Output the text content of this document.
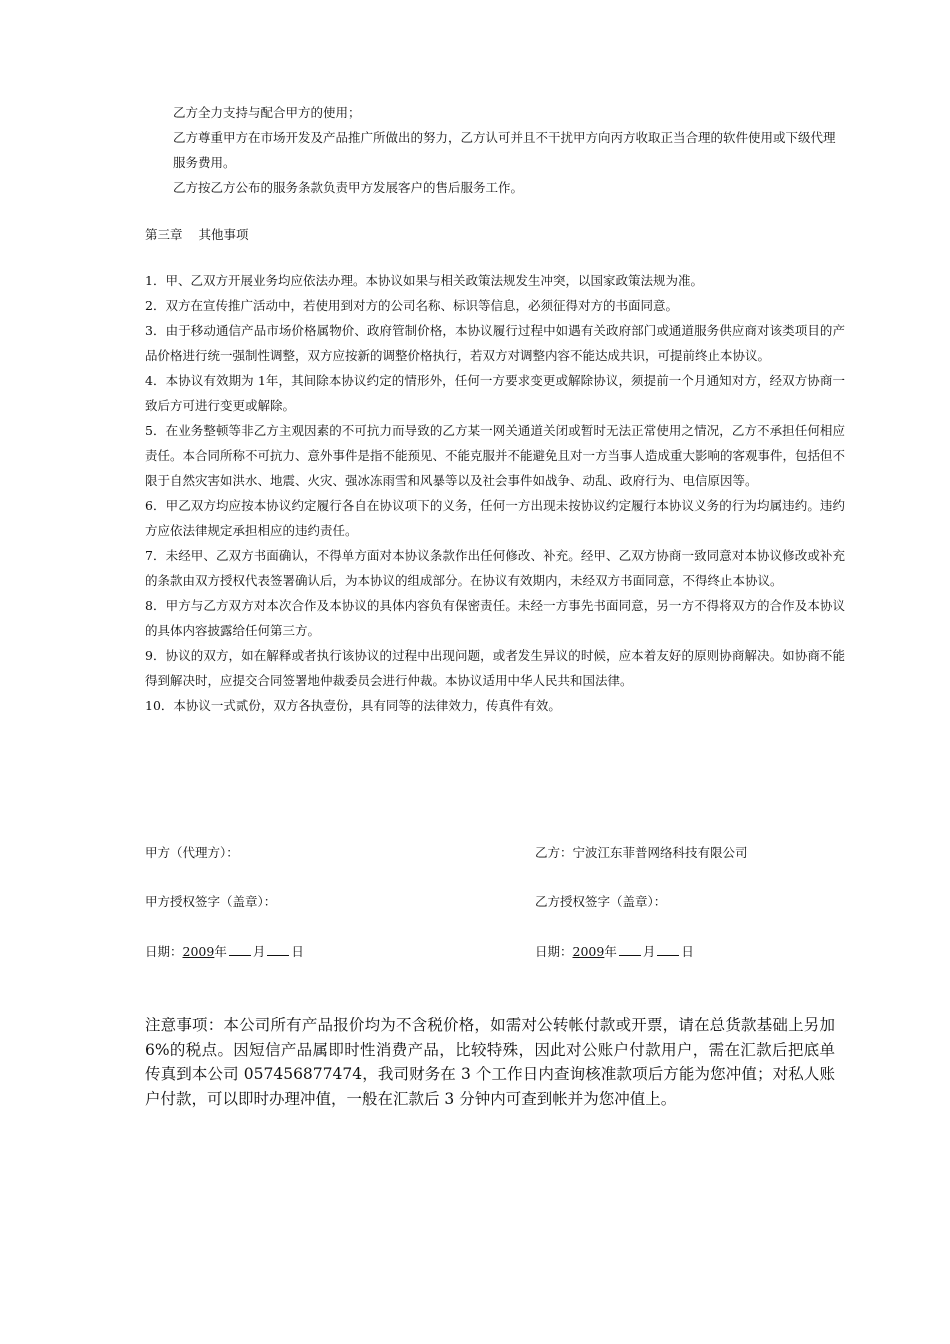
乙方全力支持与配合甲方的使用；

乙方尊重甲方在市场开发及产品推广所做出的努力，乙方认可并且不干扰甲方向丙方收取正当合理的软件使用或下级代理服务费用。

乙方按乙方公布的服务条款负责甲方发展客户的售后服务工作。

第三章 其他事项

1．甲、乙双方开展业务均应依法办理。本协议如果与相关政策法规发生冲突，以国家政策法规为准。

2．双方在宣传推广活动中，若使用到对方的公司名称、标识等信息，必须征得对方的书面同意。

3．由于移动通信产品市场价格属物价、政府管制价格，本协议履行过程中如遇有关政府部门或通道服务供应商对该类项目的产品价格进行统一强制性调整，双方应按新的调整价格执行，若双方对调整内容不能达成共识，可提前终止本协议。

4．本协议有效期为 1年，其间除本协议约定的情形外，任何一方要求变更或解除协议，须提前一个月通知对方，经双方协商一致后方可进行变更或解除。

5．在业务整顿等非乙方主观因素的不可抗力而导致的乙方某一网关通道关闭或暂时无法正常使用之情况，乙方不承担任何相应责任。本合同所称不可抗力、意外事件是指不能预见、不能克服并不能避免且对一方当事人造成重大影响的客观事件，包括但不限于自然灾害如洪水、地震、火灾、强冰冻雨雪和风暴等以及社会事件如战争、动乱、政府行为、电信原因等。

6．甲乙双方均应按本协议约定履行各自在协议项下的义务，任何一方出现未按协议约定履行本协议义务的行为均属违约。违约方应依法律规定承担相应的违约责任。

7．未经甲、乙双方书面确认，不得单方面对本协议条款作出任何修改、补充。经甲、乙双方协商一致同意对本协议修改或补充的条款由双方授权代表签署确认后，为本协议的组成部分。在协议有效期内，未经双方书面同意，不得终止本协议。

8．甲方与乙方双方对本次合作及本协议的具体内容负有保密责任。未经一方事先书面同意，另一方不得将双方的合作及本协议的具体内容披露给任何第三方。

9．协议的双方，如在解释或者执行该协议的过程中出现问题，或者发生异议的时候，应本着友好的原则协商解决。如协商不能得到解决时，应提交合同签署地仲裁委员会进行仲裁。本协议适用中华人民共和国法律。

10．本协议一式贰份，双方各执壹份，具有同等的法律效力，传真件有效。

甲方（代理方）：	乙方：宁波江东菲普网络科技有限公司
甲方授权签字（盖章）：	乙方授权签字（盖章）：
日期：2009年 月 日	日期：2009年 月 日

注意事项：本公司所有产品报价均为不含税价格，如需对公转帐付款或开票，请在总货款基础上另加 6%的税点。因短信产品属即时性消费产品，比较特殊，因此对公账户付款用户，需在汇款后把底单传真到本公司 057456877474，我司财务在 3 个工作日内查询核准款项后方能为您冲值；对私人账户付款，可以即时办理冲值，一般在汇款后 3 分钟内可查到帐并为您冲值上。
